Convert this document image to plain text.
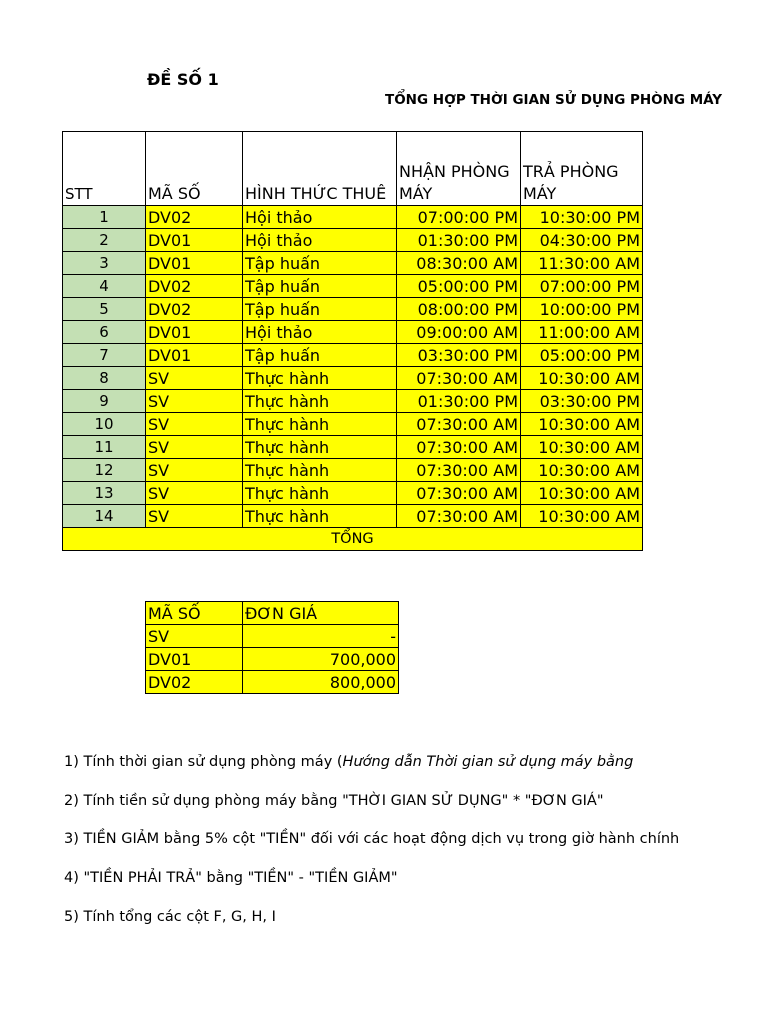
ĐỀ SỐ 1
TỔNG HỢP THỜI GIAN SỬ DỤNG PHÒNG MÁY
STT	MÃ SỐ	HÌNH THỨC THUÊ	NHẬN PHÒNG MÁY	TRẢ PHÒNG MÁY
1	DV02	Hội thảo	07:00:00 PM	10:30:00 PM
2	DV01	Hội thảo	01:30:00 PM	04:30:00 PM
3	DV01	Tập huấn	08:30:00 AM	11:30:00 AM
4	DV02	Tập huấn	05:00:00 PM	07:00:00 PM
5	DV02	Tập huấn	08:00:00 PM	10:00:00 PM
6	DV01	Hội thảo	09:00:00 AM	11:00:00 AM
7	DV01	Tập huấn	03:30:00 PM	05:00:00 PM
8	SV	Thực hành	07:30:00 AM	10:30:00 AM
9	SV	Thực hành	01:30:00 PM	03:30:00 PM
10	SV	Thực hành	07:30:00 AM	10:30:00 AM
11	SV	Thực hành	07:30:00 AM	10:30:00 AM
12	SV	Thực hành	07:30:00 AM	10:30:00 AM
13	SV	Thực hành	07:30:00 AM	10:30:00 AM
14	SV	Thực hành	07:30:00 AM	10:30:00 AM
TỔNG				
MÃ SỐ	ĐƠN GIÁ
SV	-
DV01	700,000
DV02	800,000
1) Tính thời gian sử dụng phòng máy (Hướng dẫn Thời gian sử dụng máy bằng
2) Tính tiền sử dụng phòng máy bằng "THỜI GIAN SỬ DỤNG" * "ĐƠN GIÁ"
3) TIỀN GIẢM bằng 5% cột "TIỀN" đối với các hoạt động dịch vụ trong giờ hành chính
4) "TIỀN PHẢI TRẢ" bằng "TIỀN" - "TIỀN GIẢM"
5) Tính tổng các cột F, G, H, I
